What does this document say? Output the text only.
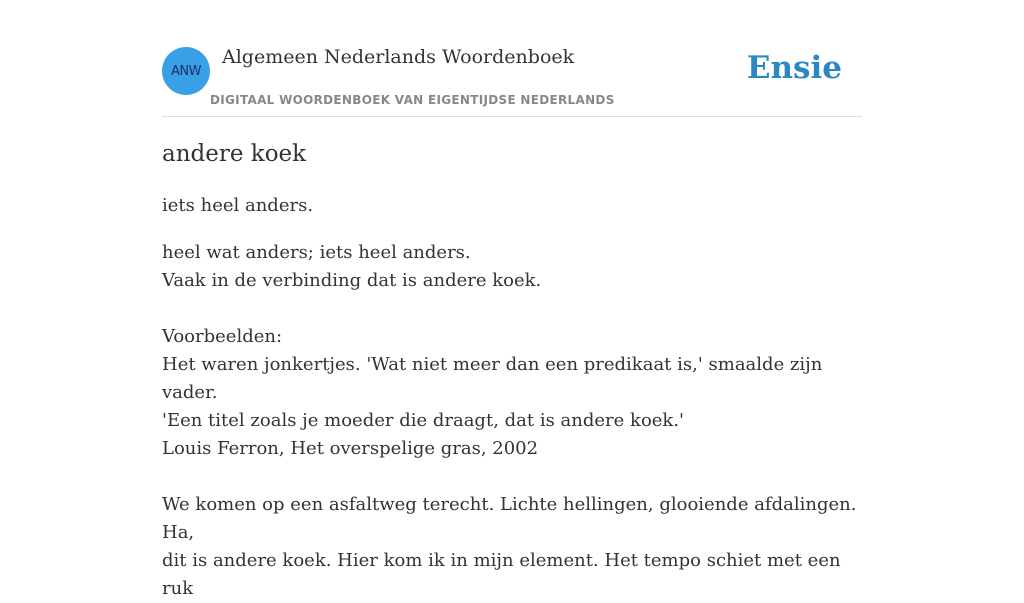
ANW
Algemeen Nederlands Woordenboek
DIGITAAL WOORDENBOEK VAN EIGENTIJDSE NEDERLANDS
Ensie
andere koek

iets heel anders.

heel wat anders; iets heel anders.
Vaak in de verbinding dat is andere koek.
Voorbeelden:
Het waren jonkertjes. 'Wat niet meer dan een predikaat is,' smaalde zijn vader.
'Een titel zoals je moeder die draagt, dat is andere koek.'
Louis Ferron, Het overspelige gras, 2002
We komen op een asfaltweg terecht. Lichte hellingen, glooiende afdalingen. Ha,
dit is andere koek. Hier kom ik in mijn element. Het tempo schiet met een ruk
